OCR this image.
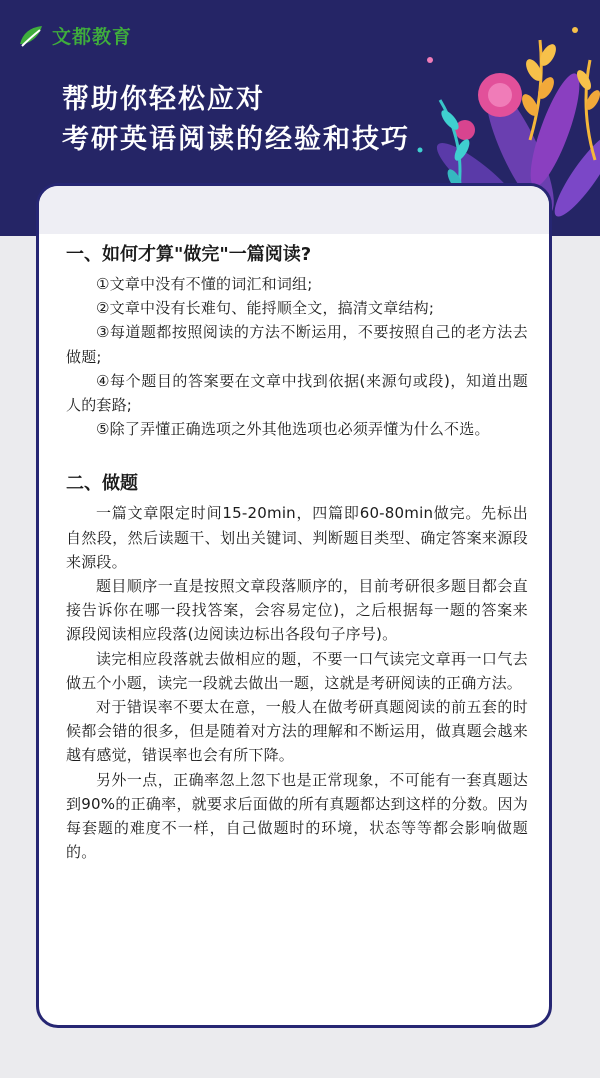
文都教育
帮助你轻松应对
考研英语阅读的经验和技巧
一、如何才算"做完"一篇阅读?

①文章中没有不懂的词汇和词组;

②文章中没有长难句、能捋顺全文，搞清文章结构;

③每道题都按照阅读的方法不断运用，不要按照自己的老方法去做题;

④每个题目的答案要在文章中找到依据(来源句或段)，知道出题人的套路;

⑤除了弄懂正确选项之外其他选项也必须弄懂为什么不选。

二、做题

一篇文章限定时间15-20min，四篇即60-80min做完。先标出自然段，然后读题干、划出关键词、判断题目类型、确定答案来源段来源段。

题目顺序一直是按照文章段落顺序的，目前考研很多题目都会直接告诉你在哪一段找答案，会容易定位)，之后根据每一题的答案来源段阅读相应段落(边阅读边标出各段句子序号)。

读完相应段落就去做相应的题，不要一口气读完文章再一口气去做五个小题，读完一段就去做出一题，这就是考研阅读的正确方法。

对于错误率不要太在意，一般人在做考研真题阅读的前五套的时候都会错的很多，但是随着对方法的理解和不断运用，做真题会越来越有感觉，错误率也会有所下降。

另外一点，正确率忽上忽下也是正常现象，不可能有一套真题达到90%的正确率，就要求后面做的所有真题都达到这样的分数。因为每套题的难度不一样，自己做题时的环境，状态等等都会影响做题的。
